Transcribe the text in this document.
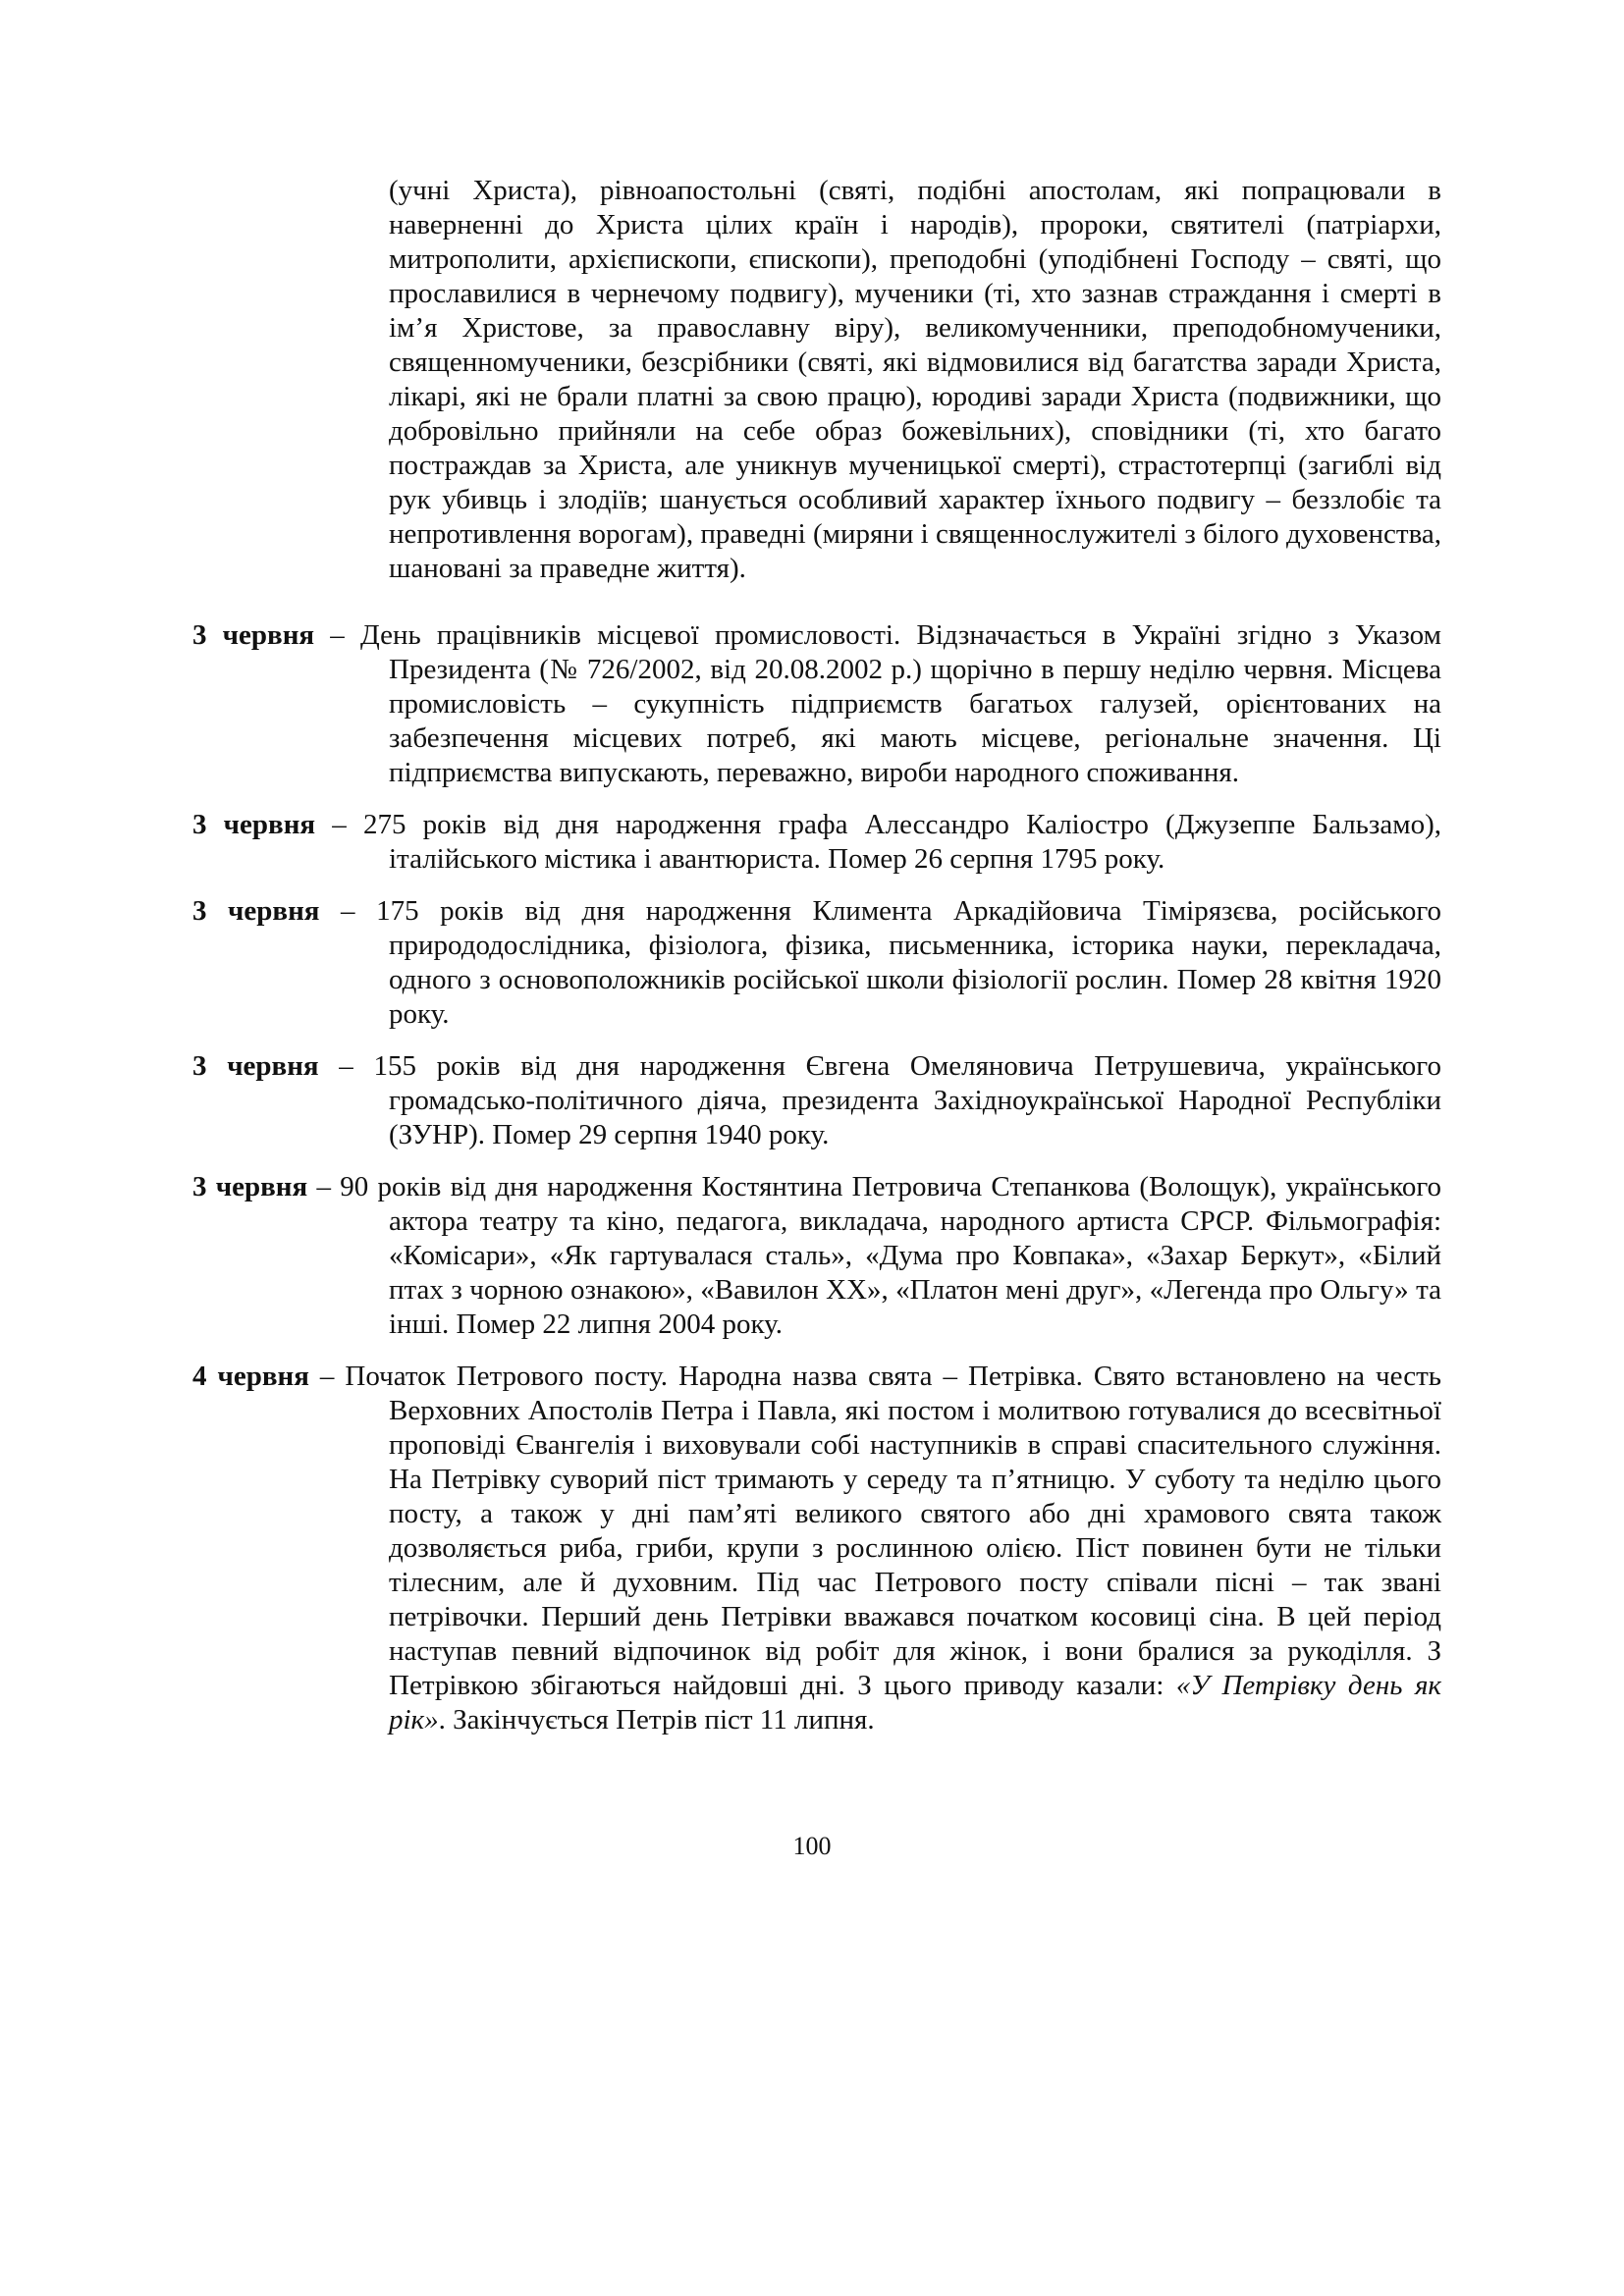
(учні Христа), рівноапостольні (святі, подібні апостолам, які попрацювали в наверненні до Христа цілих країн і народів), пророки, святителі (патріархи, митрополити, архієпископи, єпископи), преподобні (уподібнені Господу – святі, що прославилися в чернечому подвигу), мученики (ті, хто зазнав страждання і смерті в ім’я Христове, за православну віру), великомученники, преподобномученики, священномученики, безсрібники (святі, які відмовилися від багатства заради Христа, лікарі, які не брали платні за свою працю), юродиві заради Христа (подвижники, що добровільно прийняли на себе образ божевільних), сповідники (ті, хто багато постраждав за Христа, але уникнув мученицької смерті), страстотерпці (загиблі від рук убивць і злодіїв; шанується особливий характер їхнього подвигу – беззлобіє та непротивлення ворогам), праведні (миряни і священнослужителі з білого духовенства, шановані за праведне життя).

3 червня – День працівників місцевої промисловості. Відзначається в Україні згідно з Указом Президента (№ 726/2002, від 20.08.2002 р.) щорічно в першу неділю червня. Місцева промисловість – сукупність підприємств багатьох галузей, орієнтованих на забезпечення місцевих потреб, які мають місцеве, регіональне значення. Ці підприємства випускають, переважно, вироби народного споживання.

3 червня – 275 років від дня народження графа Алессандро Каліостро (Джузеппе Бальзамо), італійського містика і авантюриста. Помер 26 серпня 1795 року.

3 червня – 175 років від дня народження Климента Аркадійовича Тімірязєва, російського природодослідника, фізіолога, фізика, письменника, історика науки, перекладача, одного з основоположників російської школи фізіології рослин. Помер 28 квітня 1920 року.

3 червня – 155 років від дня народження Євгена Омеляновича Петрушевича, українського громадсько-політичного діяча, президента Західноукраїнської Народної Республіки (ЗУНР). Помер 29 серпня 1940 року.

3 червня – 90 років від дня народження Костянтина Петровича Степанкова (Волощук), українського актора театру та кіно, педагога, викладача, народного артиста СРСР. Фільмографія: «Комісари», «Як гартувалася сталь», «Дума про Ковпака», «Захар Беркут», «Білий птах з чорною ознакою», «Вавилон ХХ», «Платон мені друг», «Легенда про Ольгу» та інші. Помер 22 липня 2004 року.

4 червня – Початок Петрового посту. Народна назва свята – Петрівка. Свято встановлено на честь Верховних Апостолів Петра і Павла, які постом і молитвою готувалися до всесвітньої проповіді Євангелія і виховували собі наступників в справі спасительного служіння. На Петрівку суворий піст тримають у середу та п’ятницю. У суботу та неділю цього посту, а також у дні пам’яті великого святого або дні храмового свята також дозволяється риба, гриби, крупи з рослинною олією. Піст повинен бути не тільки тілесним, але й духовним. Під час Петрового посту співали пісні – так звані петрівочки. Перший день Петрівки вважався початком косовиці сіна. В цей період наступав певний відпочинок від робіт для жінок, і вони бралися за рукоділля. З Петрівкою збігаються найдовші дні. З цього приводу казали: «У Петрівку день як рік». Закінчується Петрів піст 11 липня.

100
